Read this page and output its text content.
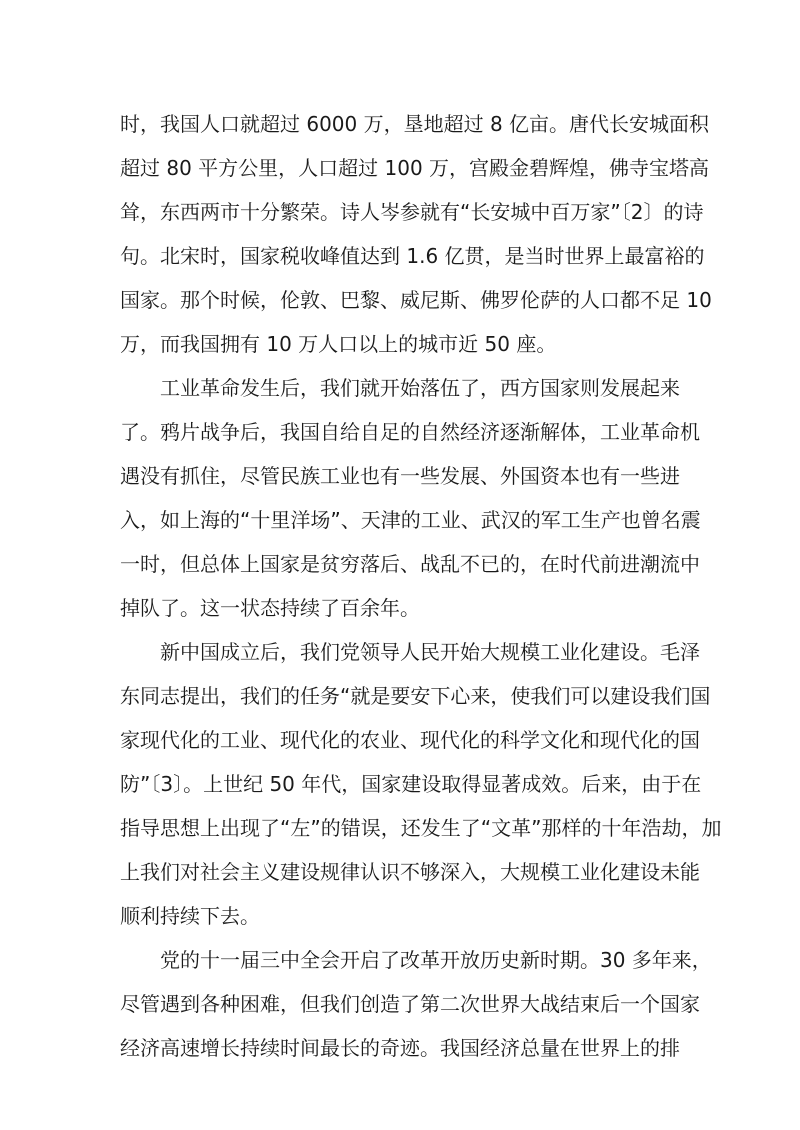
时，我国人口就超过 6000 万，垦地超过 8 亿亩。唐代长安城面积
超过 80 平方公里，人口超过 100 万，宫殿金碧辉煌，佛寺宝塔高
耸，东西两市十分繁荣。诗人岑参就有“长安城中百万家”〔2〕的诗
句。北宋时，国家税收峰值达到 1.6 亿贯，是当时世界上最富裕的
国家。那个时候，伦敦、巴黎、威尼斯、佛罗伦萨的人口都不足 10
万，而我国拥有 10 万人口以上的城市近 50 座。
工业革命发生后，我们就开始落伍了，西方国家则发展起来
了。鸦片战争后，我国自给自足的自然经济逐渐解体，工业革命机
遇没有抓住，尽管民族工业也有一些发展、外国资本也有一些进
入，如上海的“十里洋场”、天津的工业、武汉的军工生产也曾名震
一时，但总体上国家是贫穷落后、战乱不已的，在时代前进潮流中
掉队了。这一状态持续了百余年。
新中国成立后，我们党领导人民开始大规模工业化建设。毛泽
东同志提出，我们的任务“就是要安下心来，使我们可以建设我们国
家现代化的工业、现代化的农业、现代化的科学文化和现代化的国
防”〔3〕。上世纪 50 年代，国家建设取得显著成效。后来，由于在
指导思想上出现了“左”的错误，还发生了“文革”那样的十年浩劫，加
上我们对社会主义建设规律认识不够深入，大规模工业化建设未能
顺利持续下去。
党的十一届三中全会开启了改革开放历史新时期。30 多年来，
尽管遇到各种困难，但我们创造了第二次世界大战结束后一个国家
经济高速增长持续时间最长的奇迹。我国经济总量在世界上的排
